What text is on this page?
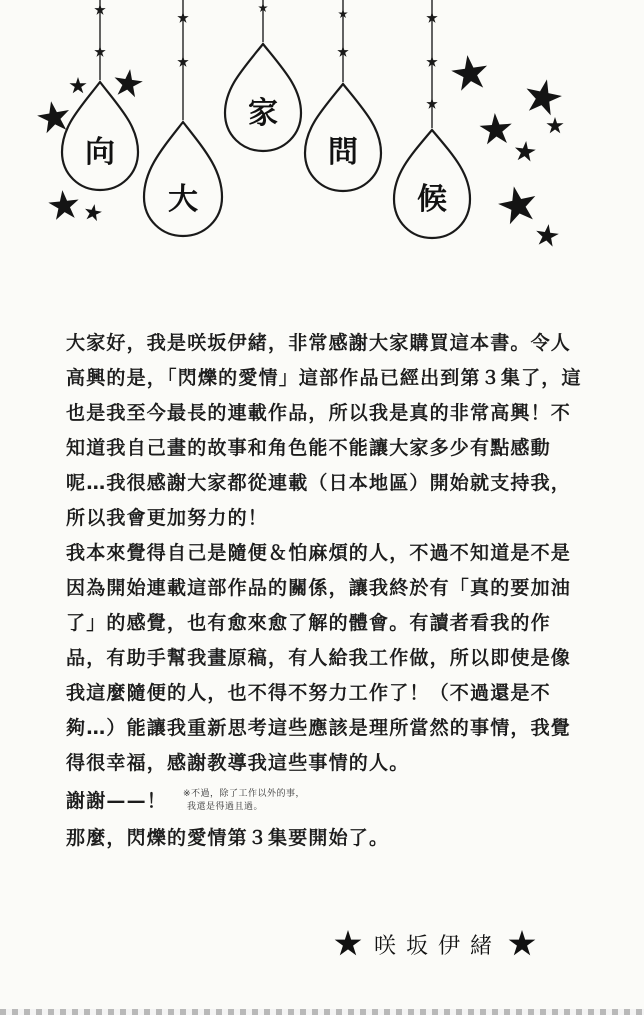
向
大
家
問
候

大家好，我是咲坂伊緒，非常感謝大家購買這本書。令人高興的是，「閃爍的愛情」這部作品已經出到第３集了，這也是我至今最長的連載作品，所以我是真的非常高興！不知道我自己畫的故事和角色能不能讓大家多少有點感動呢…我很感謝大家都從連載（日本地區）開始就支持我，所以我會更加努力的！

我本來覺得自己是隨便＆怕麻煩的人，不過不知道是不是因為開始連載這部作品的關係，讓我終於有「真的要加油了」的感覺，也有愈來愈了解的體會。有讀者看我的作品，有助手幫我畫原稿，有人給我工作做，所以即使是像我這麼隨便的人，也不得不努力工作了！（不過還是不夠…）能讓我重新思考這些應該是理所當然的事情，我覺得很幸福，感謝教導我這些事情的人。

謝謝——！ ※不過，除了工作以外的事，
我還是得過且過。

那麼，閃爍的愛情第３集要開始了。

咲坂伊緒
